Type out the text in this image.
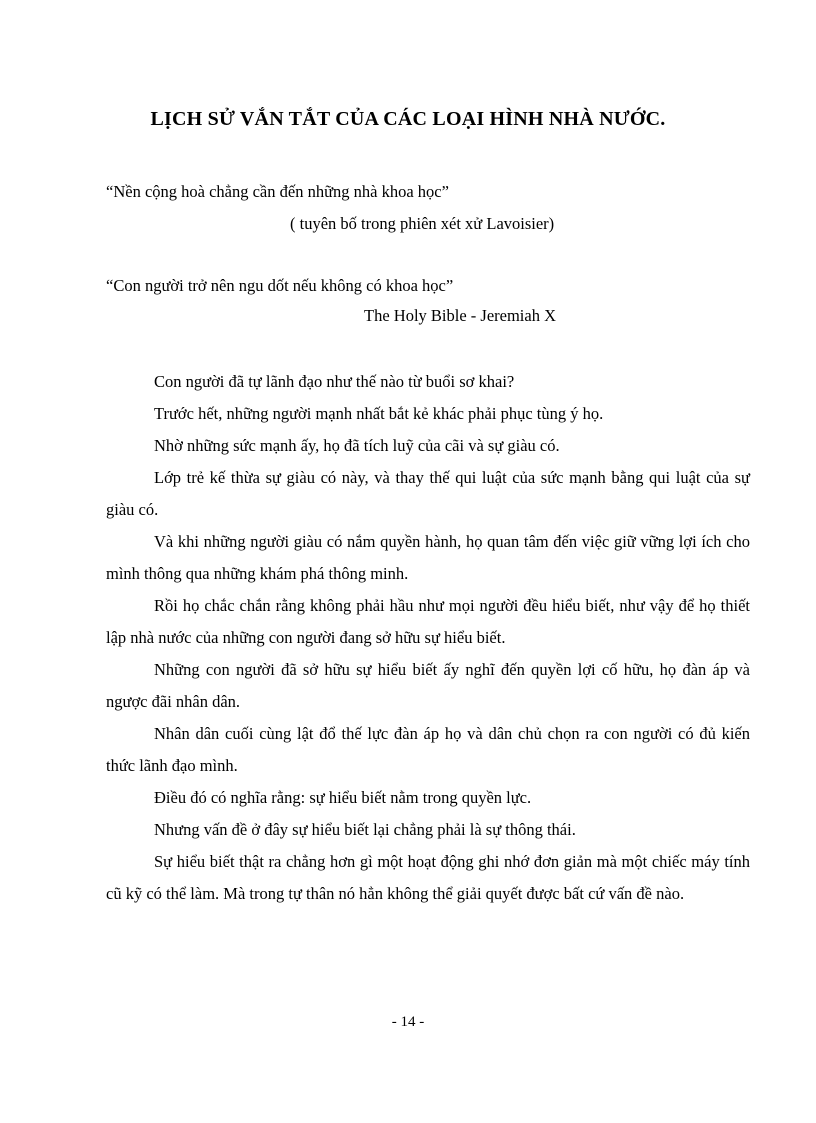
LỊCH SỬ VẮN TẮT CỦA CÁC LOẠI HÌNH NHÀ NƯỚC.
“Nền cộng hoà chẳng cần đến những nhà khoa học”
( tuyên bố trong phiên xét xử Lavoisier)
“Con người trở nên ngu dốt nếu không có khoa học”
The Holy Bible - Jeremiah X

Con người đã tự lãnh đạo như thế nào từ buổi sơ khai?

Trước hết, những người mạnh nhất bắt kẻ khác phải phục tùng ý họ.

Nhờ những sức mạnh ấy, họ đã tích luỹ của cãi và sự giàu có.

Lớp trẻ kế thừa sự giàu có này, và thay thế qui luật của sức mạnh bằng qui luật của sự giàu có.

Và khi những người giàu có nắm quyền hành, họ quan tâm đến việc giữ vững lợi ích cho mình thông qua những khám phá thông minh.

Rồi họ chắc chắn rằng không phải hầu như mọi người đều hiểu biết, như vậy để họ thiết lập nhà nước của những con người đang sở hữu sự hiểu biết.

Những con người đã sở hữu sự hiểu biết ấy nghĩ đến quyền lợi cố hữu, họ đàn áp và ngược đãi nhân dân.

Nhân dân cuối cùng lật đổ thế lực đàn áp họ và dân chủ chọn ra con người có đủ kiến thức lãnh đạo mình.

Điều đó có nghĩa rằng: sự hiểu biết nằm trong quyền lực.

Nhưng vấn đề ở đây sự hiểu biết lại chẳng phải là sự thông thái.

Sự hiểu biết thật ra chẳng hơn gì một hoạt động ghi nhớ đơn giản mà một chiếc máy tính cũ kỹ có thể làm. Mà trong tự thân nó hẳn không thể giải quyết được bất cứ vấn đề nào.

- 14 -
